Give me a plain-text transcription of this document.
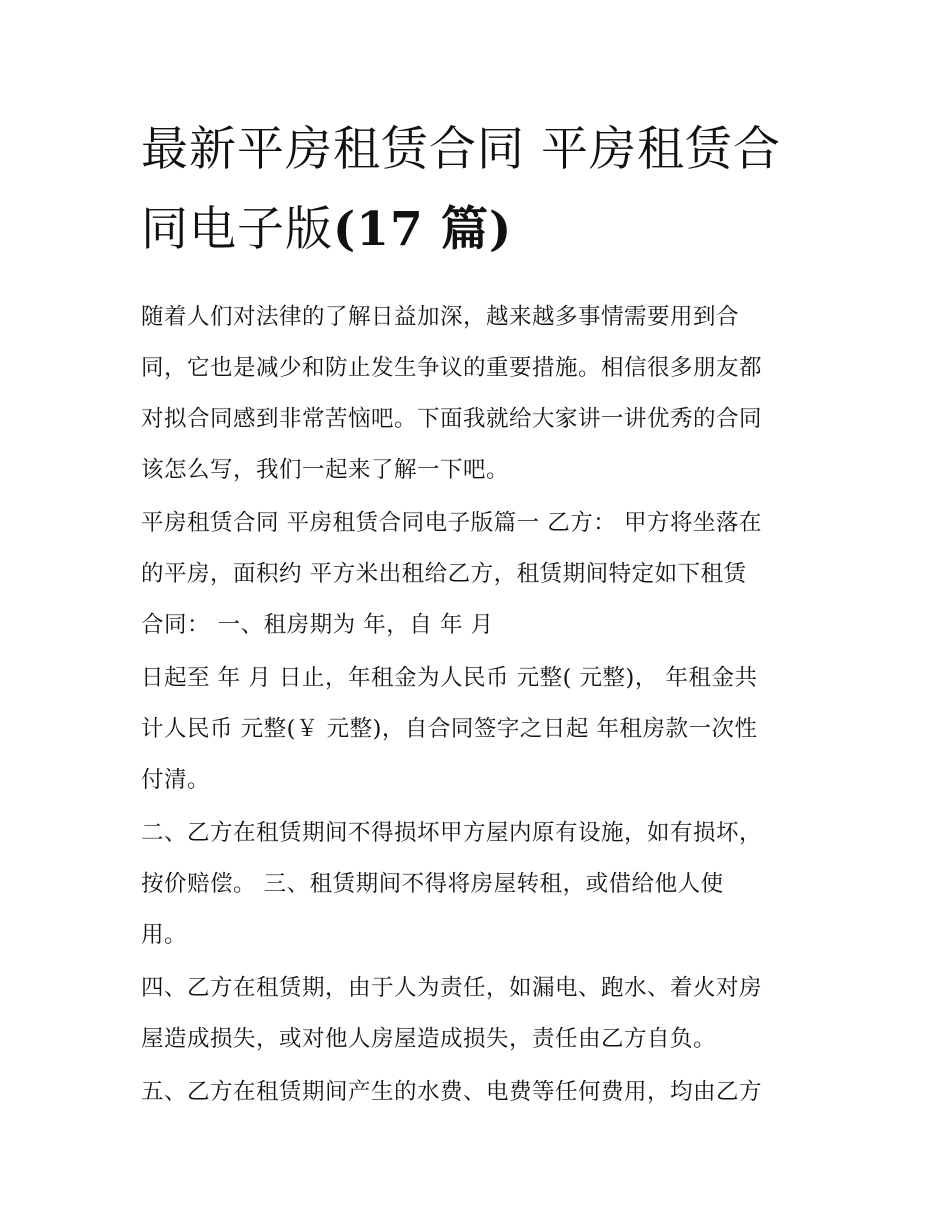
最新平房租赁合同 平房租赁合
同电子版(17 篇)

随着人们对法律的了解日益加深，越来越多事情需要用到合
同，它也是减少和防止发生争议的重要措施。相信很多朋友都
对拟合同感到非常苦恼吧。下面我就给大家讲一讲优秀的合同
该怎么写，我们一起来了解一下吧。

平房租赁合同 平房租赁合同电子版篇一 乙方： 甲方将坐落在
的平房，面积约 平方米出租给乙方，租赁期间特定如下租赁
合同： 一、租房期为 年，自 年 月

日起至 年 月 日止，年租金为人民币 元整( 元整)， 年租金共
计人民币 元整(￥ 元整)，自合同签字之日起 年租房款一次性
付清。

二、乙方在租赁期间不得损坏甲方屋内原有设施，如有损坏，
按价赔偿。 三、租赁期间不得将房屋转租，或借给他人使
用。

四、乙方在租赁期，由于人为责任，如漏电、跑水、着火对房
屋造成损失，或对他人房屋造成损失，责任由乙方自负。

五、乙方在租赁期间产生的水费、电费等任何费用，均由乙方
